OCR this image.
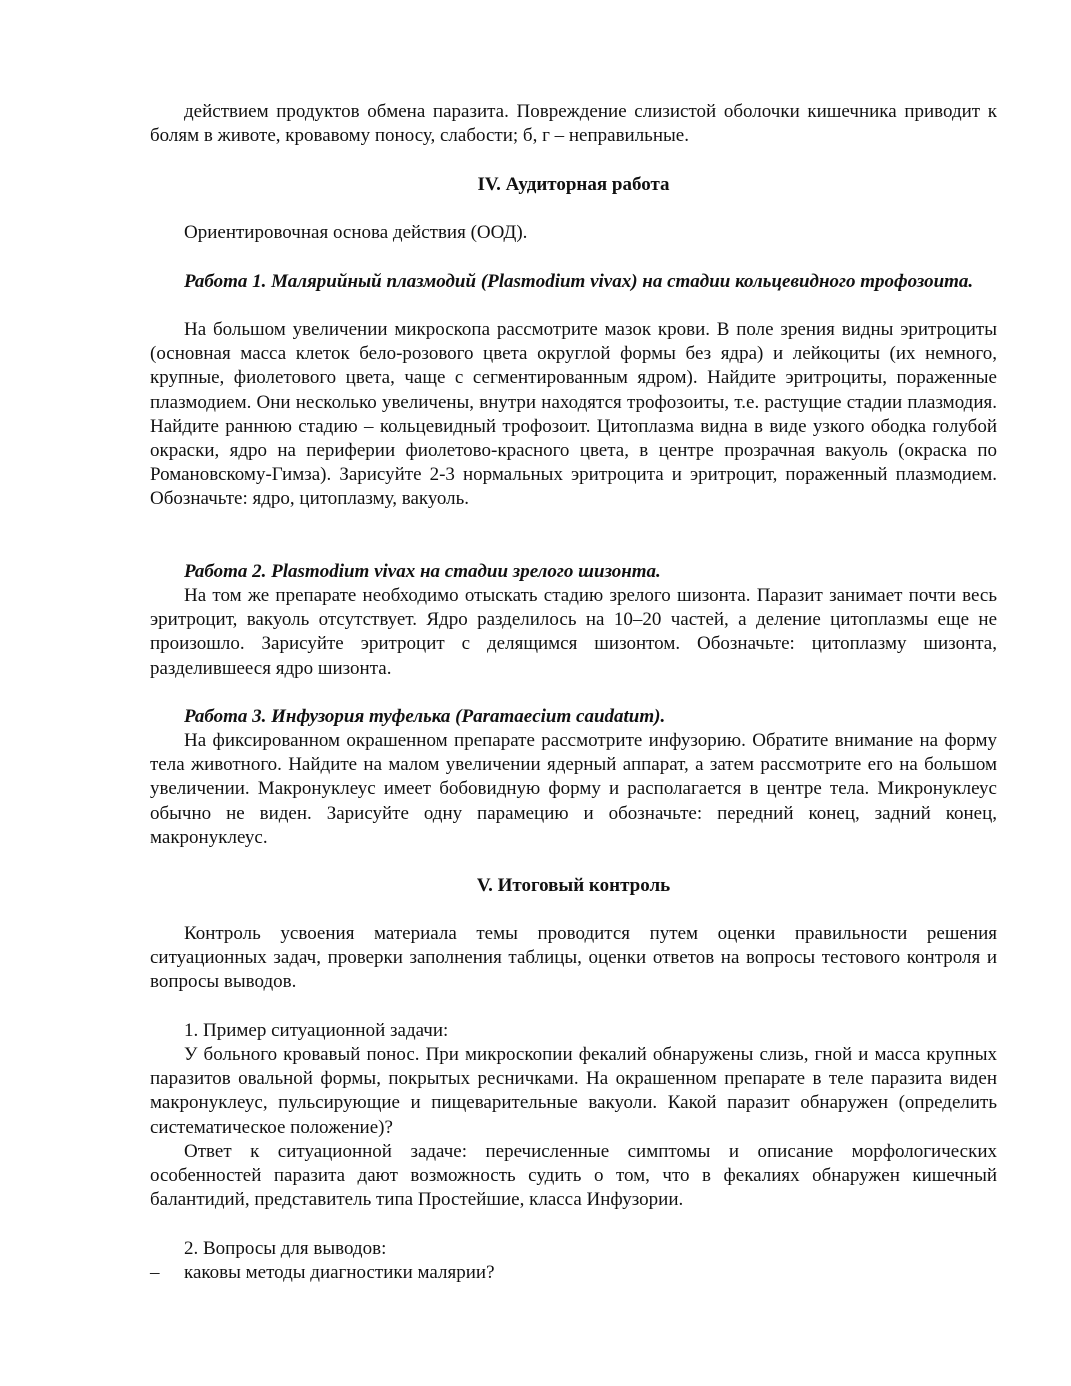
действием продуктов обмена паразита. Повреждение слизистой оболочки кишечника приводит к болям в животе, кровавому поносу, слабости; б, г – неправильные.

IV. Аудиторная работа
Ориентировочная основа действия (ООД).
Работа 1. Малярийный плазмодий (Plasmodium vivax) на стадии кольцевидного трофозоита.
На большом увеличении микроскопа рассмотрите мазок крови. В поле зрения видны эритроциты (основная масса клеток бело-розового цвета округлой формы без ядра) и лейкоциты (их немного, крупные, фиолетового цвета, чаще с сегментированным ядром). Найдите эритроциты, пораженные плазмодием. Они несколько увеличены, внутри находятся трофозоиты, т.е. растущие стадии плазмодия. Найдите раннюю стадию – кольцевидный трофозоит. Цитоплазма видна в виде узкого ободка голубой окраски, ядро на периферии фиолетово-красного цвета, в центре прозрачная вакуоль (окраска по Романовскому-Гимза). Зарисуйте 2-3 нормальных эритроцита и эритроцит, пораженный плазмодием. Обозначьте: ядро, цитоплазму, вакуоль.
Работа 2. Plasmodium vivax на стадии зрелого шизонта.
На том же препарате необходимо отыскать стадию зрелого шизонта. Паразит занимает почти весь эритроцит, вакуоль отсутствует. Ядро разделилось на 10–20 частей, а деление цитоплазмы еще не произошло. Зарисуйте эритроцит с делящимся шизонтом. Обозначьте: цитоплазму шизонта, разделившееся ядро шизонта.
Работа 3. Инфузория туфелька (Paramaecium caudatum).
На фиксированном окрашенном препарате рассмотрите инфузорию. Обратите внимание на форму тела животного. Найдите на малом увеличении ядерный аппарат, а затем рассмотрите его на большом увеличении. Макронуклеус имеет бобовидную форму и располагается в центре тела. Микронуклеус обычно не виден. Зарисуйте одну парамецию и обозначьте: передний конец, задний конец, макронуклеус.
V. Итоговый контроль
Контроль усвоения материала темы проводится путем оценки правильности решения ситуационных задач, проверки заполнения таблицы, оценки ответов на вопросы тестового контроля и вопросы выводов.
1. Пример ситуационной задачи:
У больного кровавый понос. При микроскопии фекалий обнаружены слизь, гной и масса крупных паразитов овальной формы, покрытых ресничками. На окрашенном препарате в теле паразита виден макронуклеус, пульсирующие и пищеварительные вакуоли. Какой паразит обнаружен (определить систематическое положение)?
Ответ к ситуационной задаче: перечисленные симптомы и описание морфологических особенностей паразита дают возможность судить о том, что в фекалиях обнаружен кишечный балантидий, представитель типа Простейшие, класса Инфузории.
2. Вопросы для выводов:
–	каковы методы диагностики малярии?
